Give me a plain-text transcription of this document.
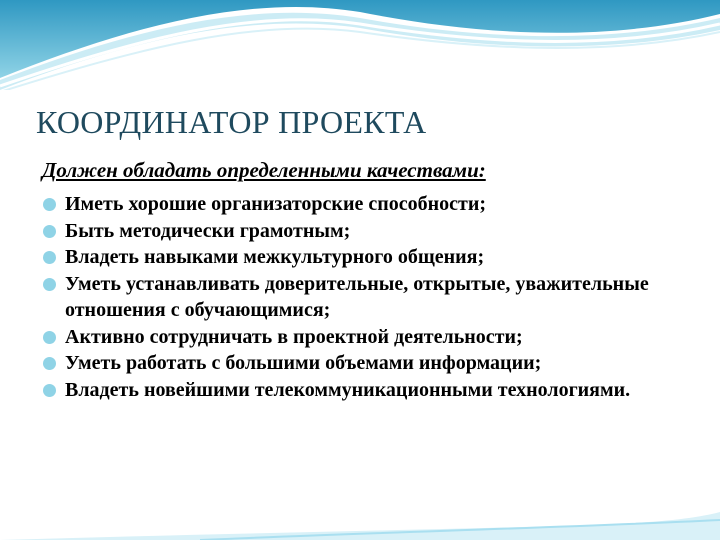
КООРДИНАТОР ПРОЕКТА

Должен обладать определенными качествами:

Иметь хорошие организаторские способности;
Быть методически грамотным;
Владеть навыками межкультурного общения;
Уметь устанавливать доверительные, открытые, уважительные отношения с обучающимися;
Активно сотрудничать в проектной деятельности;
Уметь работать с большими объемами информации;
Владеть новейшими телекоммуникационными технологиями.
